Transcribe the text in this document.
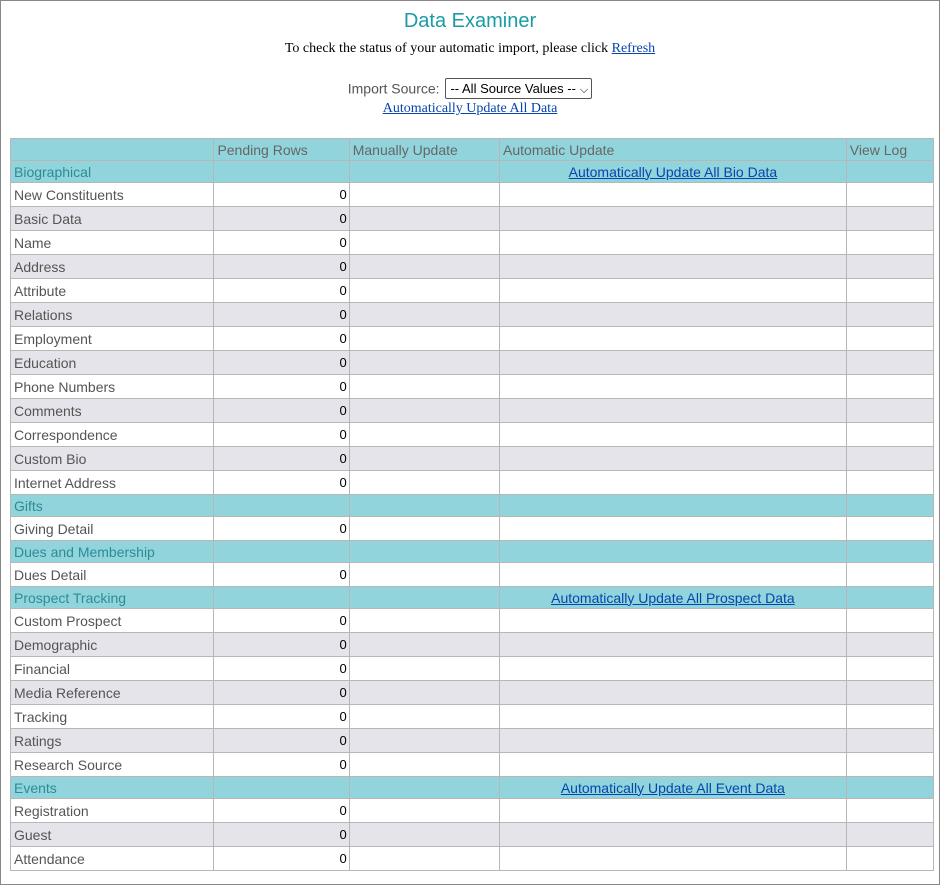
Data Examiner
To check the status of your automatic import, please click Refresh
Import Source: -- All Source Values -- ⌵
Automatically Update All Data
	Pending Rows	Manually Update	Automatic Update	View Log
Biographical			Automatically Update All Bio Data	
New Constituents	0			
Basic Data	0			
Name	0			
Address	0			
Attribute	0			
Relations	0			
Employment	0			
Education	0			
Phone Numbers	0			
Comments	0			
Correspondence	0			
Custom Bio	0			
Internet Address	0			
Gifts				
Giving Detail	0			
Dues and Membership				
Dues Detail	0			
Prospect Tracking			Automatically Update All Prospect Data	
Custom Prospect	0			
Demographic	0			
Financial	0			
Media Reference	0			
Tracking	0			
Ratings	0			
Research Source	0			
Events			Automatically Update All Event Data	
Registration	0			
Guest	0			
Attendance	0			
